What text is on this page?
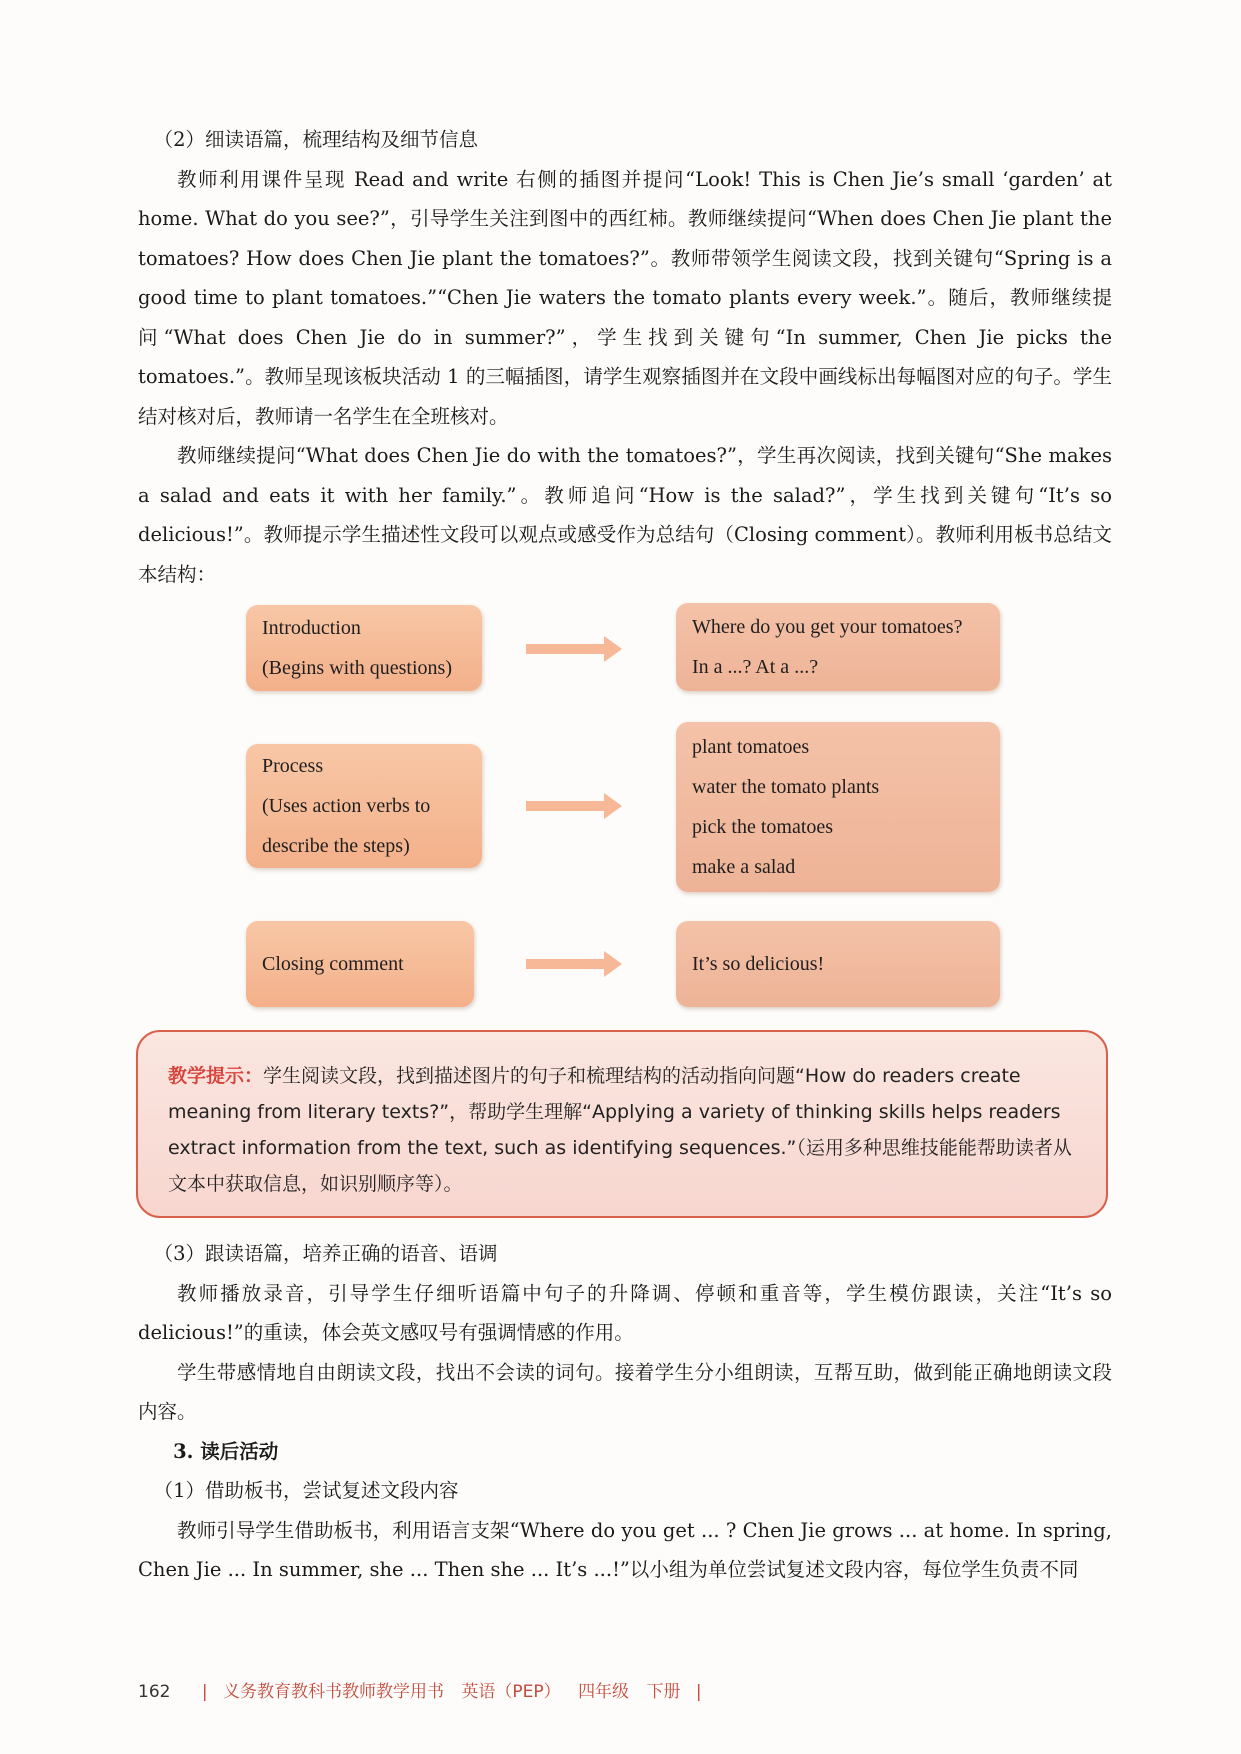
（2）细读语篇，梳理结构及细节信息

教师利用课件呈现 Read and write 右侧的插图并提问“Look! This is Chen Jie’s small ‘garden’ at home. What do you see?”，引导学生关注到图中的西红柿。教师继续提问“When does Chen Jie plant the tomatoes? How does Chen Jie plant the tomatoes?”。教师带领学生阅读文段，找到关键句“Spring is a good time to plant tomatoes.”“Chen Jie waters the tomato plants every week.”。随后，教师继续提问“What does Chen Jie do in summer?”，学生找到关键句“In summer, Chen Jie picks the tomatoes.”。教师呈现该板块活动 1 的三幅插图，请学生观察插图并在文段中画线标出每幅图对应的句子。学生结对核对后，教师请一名学生在全班核对。

教师继续提问“What does Chen Jie do with the tomatoes?”，学生再次阅读，找到关键句“She makes a salad and eats it with her family.”。教师追问“How is the salad?”，学生找到关键句“It’s so delicious!”。教师提示学生描述性文段可以观点或感受作为总结句（Closing comment）。教师利用板书总结文本结构：

Introduction
(Begins with questions)
Where do you get your tomatoes?
In a ...? At a ...?
Process
(Uses action verbs to
describe the steps)
plant tomatoes
water the tomato plants
pick the tomatoes
make a salad
Closing comment	It’s so delicious!
教学提示：学生阅读文段，找到描述图片的句子和梳理结构的活动指向问题“How do readers create meaning from literary texts?”，帮助学生理解“Applying a variety of thinking skills helps readers extract information from the text, such as identifying sequences.”（运用多种思维技能能帮助读者从文本中获取信息，如识别顺序等）。

（3）跟读语篇，培养正确的语音、语调

教师播放录音，引导学生仔细听语篇中句子的升降调、停顿和重音等，学生模仿跟读，关注“It’s so delicious!”的重读，体会英文感叹号有强调情感的作用。

学生带感情地自由朗读文段，找出不会读的词句。接着学生分小组朗读，互帮互助，做到能正确地朗读文段内容。

3. 读后活动

（1）借助板书，尝试复述文段内容

教师引导学生借助板书，利用语言支架“Where do you get ... ? Chen Jie grows ... at home. In spring, Chen Jie ... In summer, she ... Then she ... It’s ...!”以小组为单位尝试复述文段内容，每位学生负责不同

162 | 义务教育教科书教师教学用书 英语（PEP） 四年级 下册 |
